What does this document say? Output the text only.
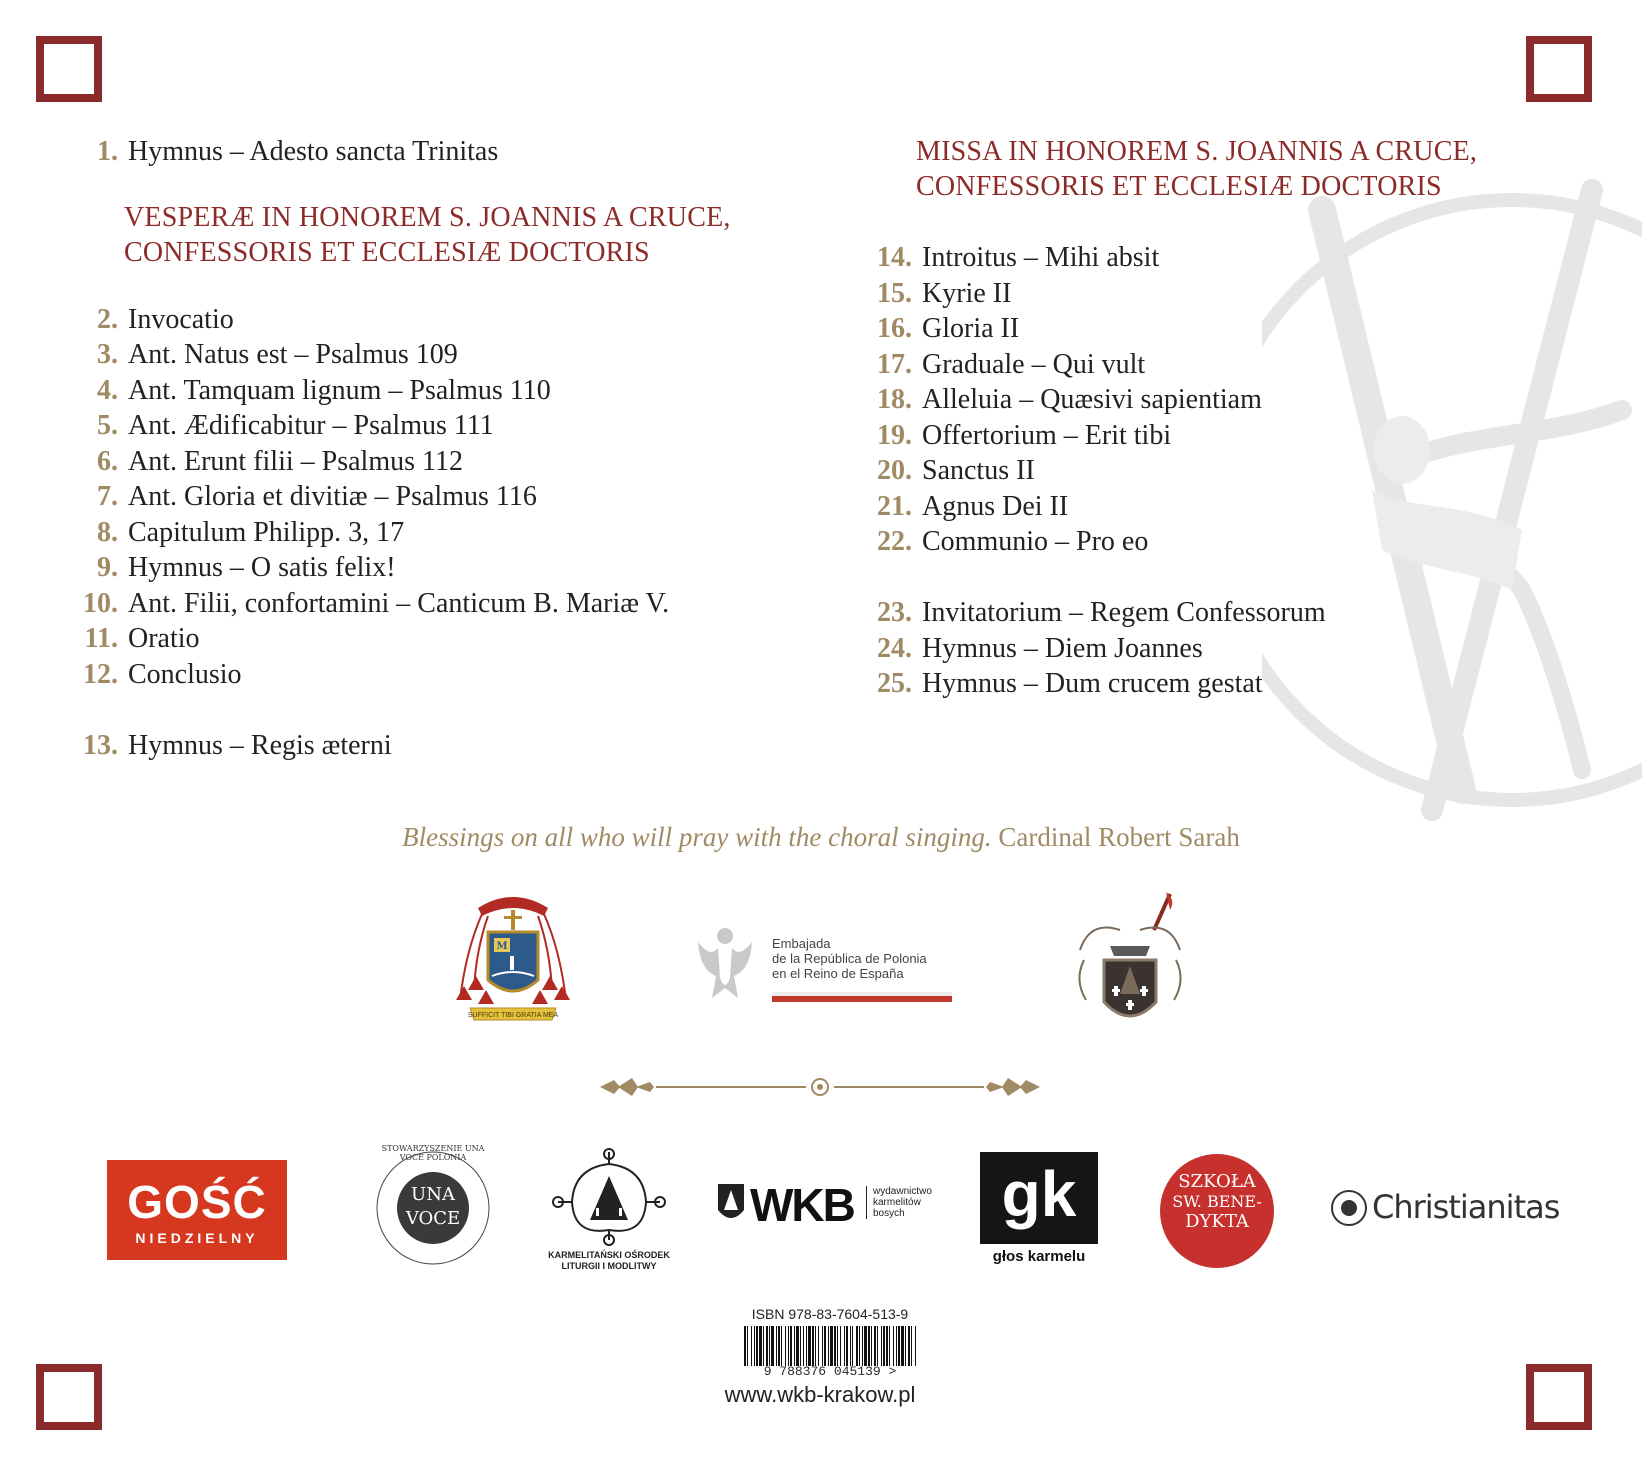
1. Hymnus – Adesto sancta Trinitas
VESPERÆ IN HONOREM S. JOANNIS A CRUCE,
CONFESSORIS ET ECCLESIÆ DOCTORIS
2. Invocatio
3. Ant. Natus est – Psalmus 109
4. Ant. Tamquam lignum – Psalmus 110
5. Ant. Ædificabitur – Psalmus 111
6. Ant. Erunt filii – Psalmus 112
7. Ant. Gloria et divitiæ – Psalmus 116
8. Capitulum Philipp. 3, 17
9. Hymnus – O satis felix!
10. Ant. Filii, confortamini – Canticum B. Mariæ V.
11. Oratio
12. Conclusio
13. Hymnus – Regis æterni
MISSA IN HONOREM S. JOANNIS A CRUCE,
CONFESSORIS ET ECCLESIÆ DOCTORIS
14. Introitus – Mihi absit
15. Kyrie II
16. Gloria II
17. Graduale – Qui vult
18. Alleluia – Quæsivi sapientiam
19. Offertorium – Erit tibi
20. Sanctus II
21. Agnus Dei II
22. Communio – Pro eo
23. Invitatorium – Regem Confessorum
24. Hymnus – Diem Joannes
25. Hymnus – Dum crucem gestat
Blessings on all who will pray with the choral singing. Cardinal Robert Sarah
M
SUFFICIT TIBI GRATIA MEA
Embajada
de la República de Polonia
en el Reino de España
GOŚĆ
NIEDZIELNY
STOWARZYSZENIE UNA VOCE POLONIA
UNA
VOCE
KARMELITAŃSKI OŚRODEK
LITURGII I MODLITWY
WKB wydawnictwo
karmelitów
bosych	gk
głos karmelu
SZKOŁA
SW. BENE-
DYKTA	Christianitas
ISBN 978-83-7604-513-9
9 788376 045139 >
www.wkb-krakow.pl
